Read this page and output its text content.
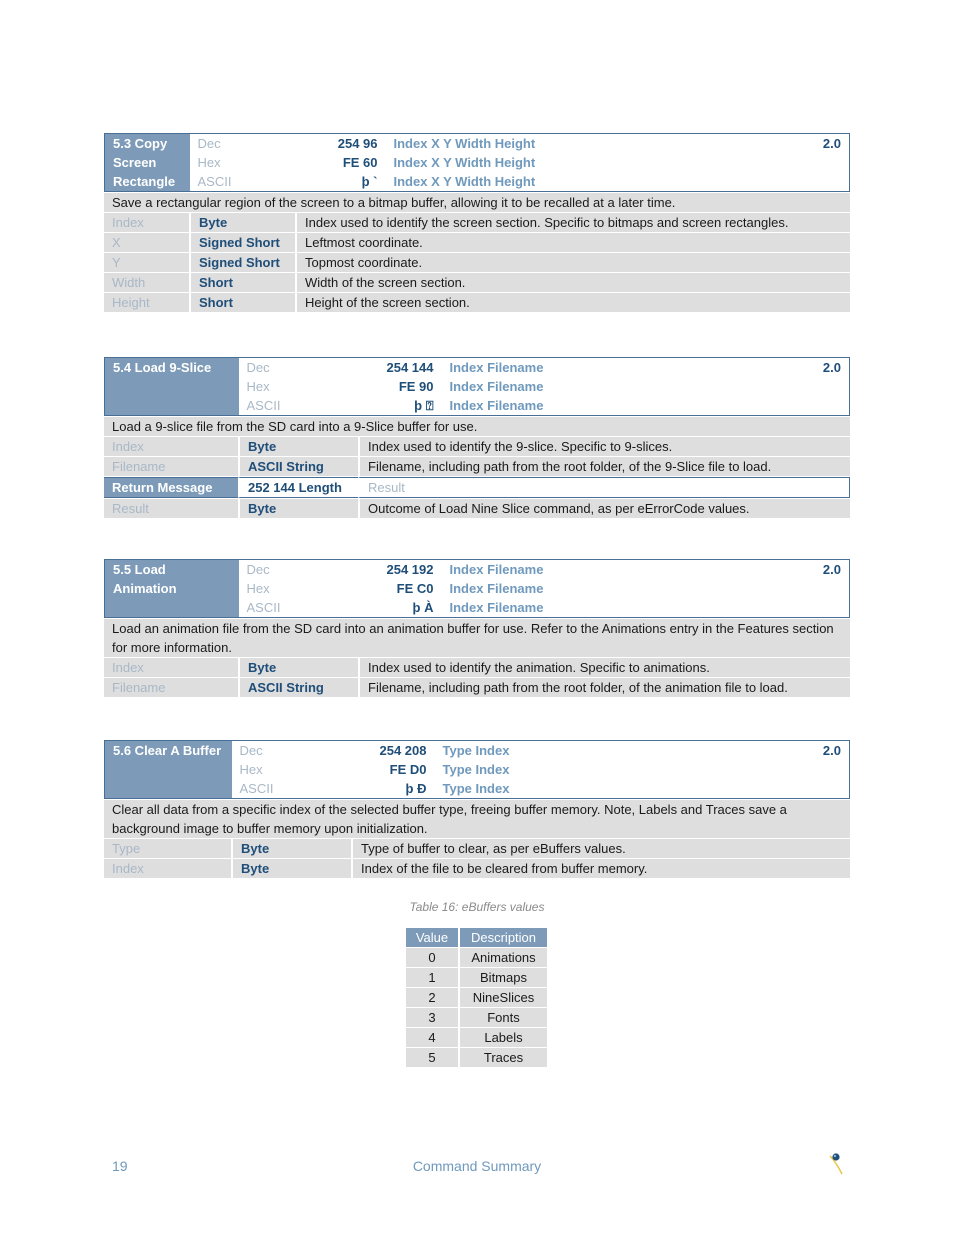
5.3 Copy Screen Rectangle	Dec	254 96	Index X Y Width Height	2.0
	Hex	FE 60	Index X Y Width Height	
	ASCII	þ `	Index X Y Width Height	
Save a rectangular region of the screen to a bitmap buffer, allowing it to be recalled at a later time.		
Index	Byte	Index used to identify the screen section. Specific to bitmaps and screen rectangles.
X	Signed Short	Leftmost coordinate.
Y	Signed Short	Topmost coordinate.
Width	Short	Width of the screen section.
Height	Short	Height of the screen section.
5.4 Load 9-Slice	Dec	254 144	Index Filename	2.0
	Hex	FE 90	Index Filename	
	ASCII	þ ⍰	Index Filename	
Load a 9-slice file from the SD card into a 9-Slice buffer for use.		
Index	Byte	Index used to identify the 9-slice. Specific to 9-slices.
Filename	ASCII String	Filename, including path from the root folder, of the 9-Slice file to load.
Return Message	252 144 Length	Result
Result	Byte	Outcome of Load Nine Slice command, as per eErrorCode values.
5.5 Load Animation	Dec	254 192	Index Filename	2.0
	Hex	FE C0	Index Filename	
	ASCII	þ À	Index Filename	
Load an animation file from the SD card into an animation buffer for use. Refer to the Animations entry in the Features section for more information.		
Index	Byte	Index used to identify the animation. Specific to animations.
Filename	ASCII String	Filename, including path from the root folder, of the animation file to load.
5.6 Clear A Buffer	Dec	254 208	Type Index	2.0
	Hex	FE D0	Type Index	
	ASCII	þ Ð	Type Index	
Clear all data from a specific index of the selected buffer type, freeing buffer memory. Note, Labels and Traces save a background image to buffer memory upon initialization.		
Type	Byte	Type of buffer to clear, as per eBuffers values.
Index	Byte	Index of the file to be cleared from buffer memory.
Table 16: eBuffers values
Value	Description
0	Animations
1	Bitmaps
2	NineSlices
3	Fonts
4	Labels
5	Traces
19	Command Summary
